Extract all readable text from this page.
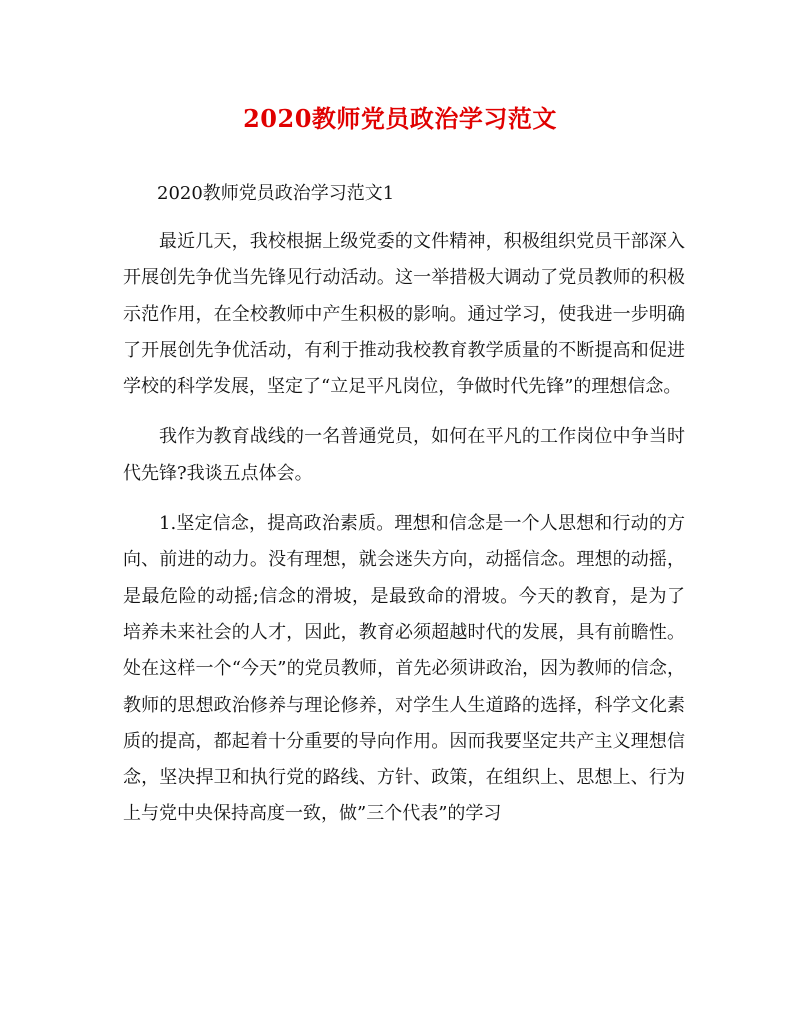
2020教师党员政治学习范文
2020教师党员政治学习范文1

最近几天，我校根据上级党委的文件精神，积极组织党员干部深入开展创先争优当先锋见行动活动。这一举措极大调动了党员教师的积极示范作用，在全校教师中产生积极的影响。通过学习，使我进一步明确了开展创先争优活动，有利于推动我校教育教学质量的不断提高和促进学校的科学发展，坚定了“立足平凡岗位，争做时代先锋”的理想信念。

我作为教育战线的一名普通党员，如何在平凡的工作岗位中争当时代先锋?我谈五点体会。

1.坚定信念，提高政治素质。理想和信念是一个人思想和行动的方向、前进的动力。没有理想，就会迷失方向，动摇信念。理想的动摇，是最危险的动摇;信念的滑坡，是最致命的滑坡。今天的教育，是为了培养未来社会的人才，因此，教育必须超越时代的发展，具有前瞻性。处在这样一个“今天”的党员教师，首先必须讲政治，因为教师的信念，教师的思想政治修养与理论修养，对学生人生道路的选择，科学文化素质的提高，都起着十分重要的导向作用。因而我要坚定共产主义理想信念，坚决捍卫和执行党的路线、方针、政策，在组织上、思想上、行为上与党中央保持高度一致，做”三个代表”的学习
